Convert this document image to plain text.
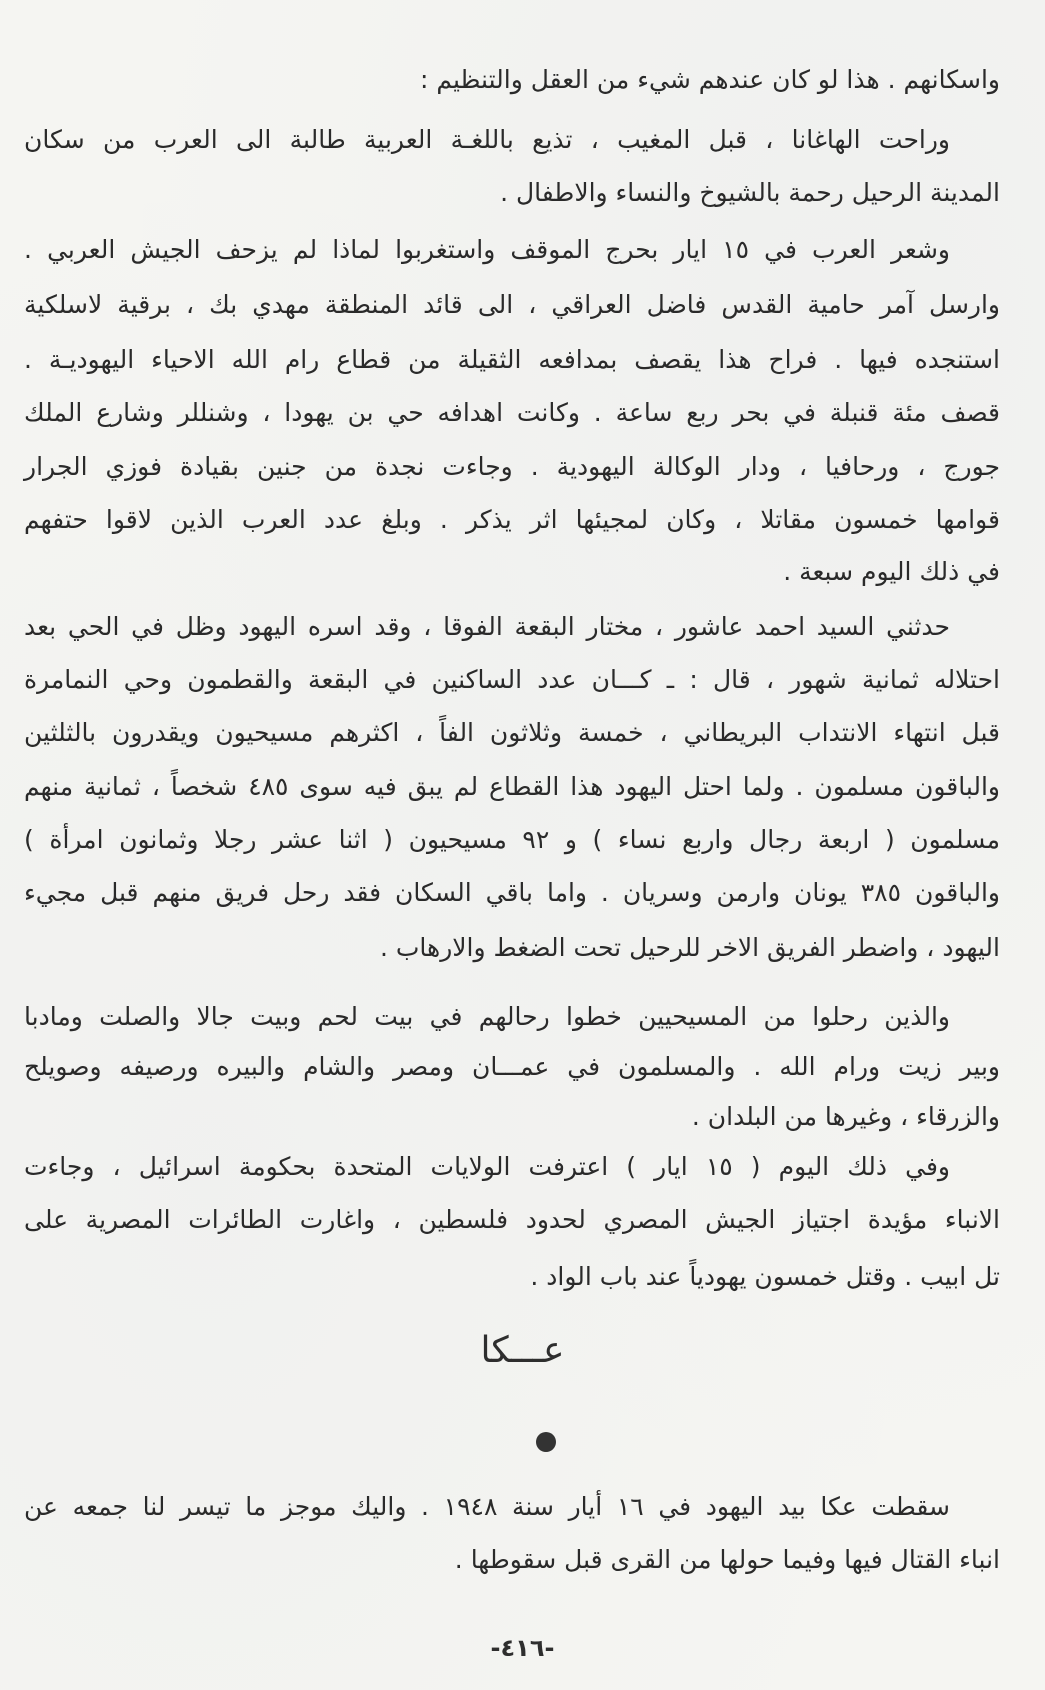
واسكانهم . هذا لو كان عندهم شيء من العقل والتنظيم :
وراحت الهاغانا ، قبل المغيب ، تذيع باللغـة العربية طالبة الى العرب من سكان
المدينة الرحيل رحمة بالشيوخ والنساء والاطفال .
وشعر العرب في ١٥ ايار بحرج الموقف واستغربوا لماذا لم يزحف الجيش العربي .
وارسل آمر حامية القدس فاضل العراقي ، الى قائد المنطقة مهدي بك ، برقية لاسلكية
استنجده فيها . فراح هذا يقصف بمدافعه الثقيلة من قطاع رام الله الاحياء اليهوديـة .
قصف مئة قنبلة في بحر ربع ساعة . وكانت اهدافه حي بن يهودا ، وشنللر وشارع الملك
جورج ، ورحافيا ، ودار الوكالة اليهودية . وجاءت نجدة من جنين بقيادة فوزي الجرار
قوامها خمسون مقاتلا ، وكان لمجيئها اثر يذكر . وبلغ عدد العرب الذين لاقوا حتفهم
في ذلك اليوم سبعة .
حدثني السيد احمد عاشور ، مختار البقعة الفوقا ، وقد اسره اليهود وظل في الحي بعد
احتلاله ثمانية شهور ، قال : ـ كـــان عدد الساكنين في البقعة والقطمون وحي النمامرة
قبل انتهاء الانتداب البريطاني ، خمسة وثلاثون الفاً ، اكثرهم مسيحيون ويقدرون بالثلثين
والباقون مسلمون . ولما احتل اليهود هذا القطاع لم يبق فيه سوى ٤٨٥ شخصاً ، ثمانية منهم
مسلمون ( اربعة رجال واربع نساء ) و ٩٢ مسيحيون ( اثنا عشر رجلا وثمانون امرأة )
والباقون ٣٨٥ يونان وارمن وسريان . واما باقي السكان فقد رحل فريق منهم قبل مجيء
اليهود ، واضطر الفريق الاخر للرحيل تحت الضغط والارهاب .
والذين رحلوا من المسيحيين خطوا رحالهم في بيت لحم وبيت جالا والصلت ومادبا
وبير زيت ورام الله . والمسلمون في عمـــان ومصر والشام والبيره ورصيفه وصويلح
والزرقاء ، وغيرها من البلدان .
وفي ذلك اليوم ( ١٥ ايار ) اعترفت الولايات المتحدة بحكومة اسرائيل ، وجاءت
الانباء مؤيدة اجتياز الجيش المصري لحدود فلسطين ، واغارت الطائرات المصرية على
تل ابيب . وقتل خمسون يهودياً عند باب الواد .
عـــكا
سقطت عكا بيد اليهود في ١٦ أيار سنة ١٩٤٨ . واليك موجز ما تيسر لنا جمعه عن
انباء القتال فيها وفيما حولها من القرى قبل سقوطها .
-٤١٦-
